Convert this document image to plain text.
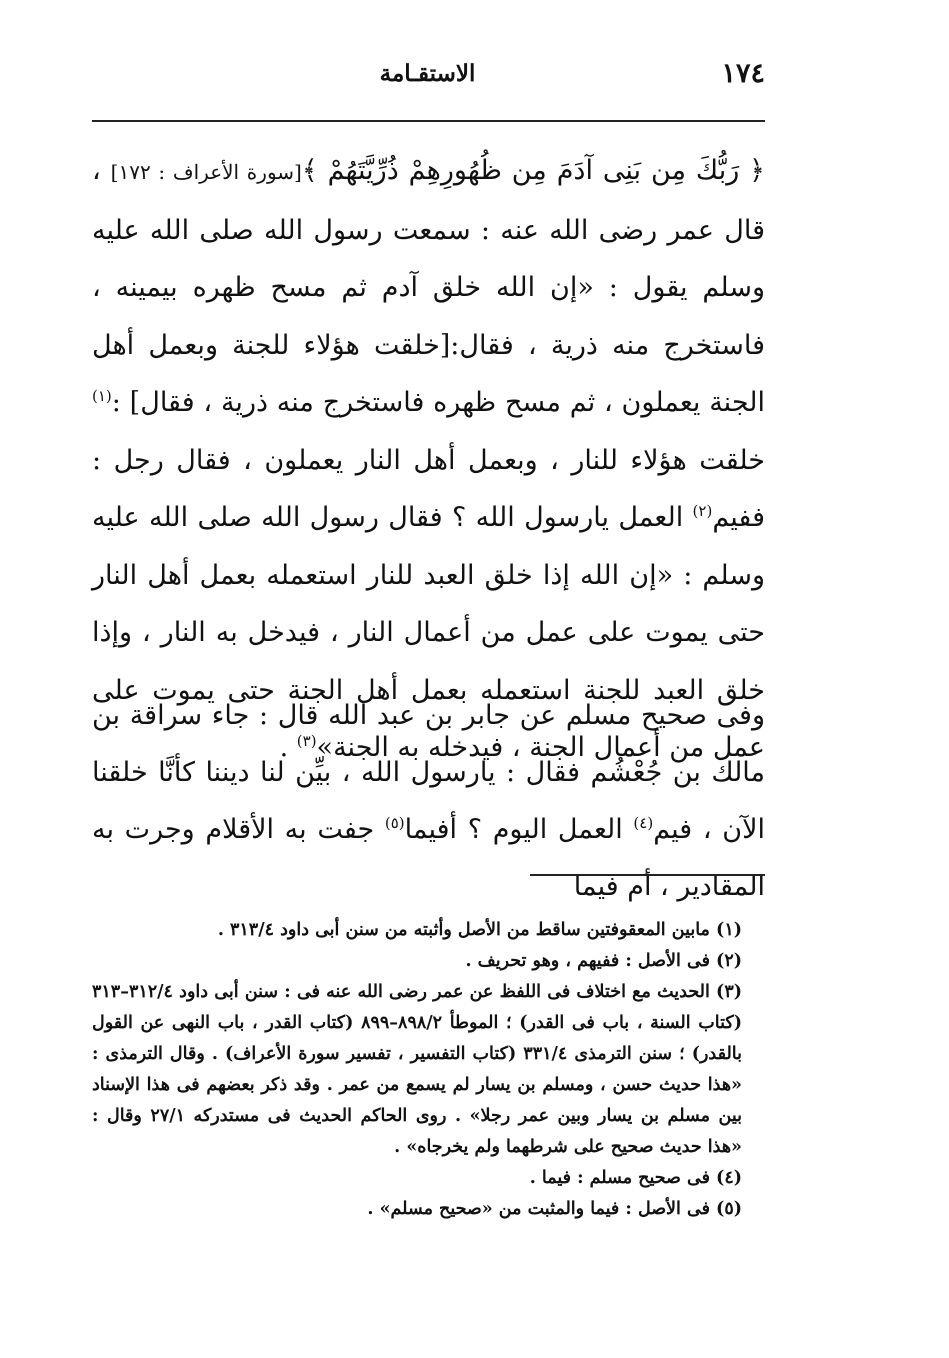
١٧٤
الاستقـامة

﴿ رَبُّكَ مِن بَنِى آدَمَ مِن ظُهُورِهِمْ ذُرِّيَّتَهُمْ ﴾[سورة الأعراف : ١٧٢] ، قال عمر رضى الله عنه : سمعت رسول الله صلى الله عليه وسلم يقول : «إن الله خلق آدم ثم مسح ظهره بيمينه ، فاستخرج منه ذرية ، فقال:[خلقت هؤلاء للجنة وبعمل أهل الجنة يعملون ، ثم مسح ظهره فاستخرج منه ذرية ، فقال] :$^{(١)}$ خلقت هؤلاء للنار ، وبعمل أهل النار يعملون ، فقال رجل : ففيم$^{(٢)}$ العمل يارسول الله ؟ فقال رسول الله صلى الله عليه وسلم : «إن الله إذا خلق العبد للنار استعمله بعمل أهل النار حتى يموت على عمل من أعمال النار ، فيدخل به النار ، وإذا خلق العبد للجنة استعمله بعمل أهل الجنة حتى يموت على عمل من أعمال الجنة ، فيدخله به الجنة»$^{(٣)}$ .

وفى صحيح مسلم عن جابر بن عبد الله قال : جاء سراقة بن مالك بن جُعْشُم فقال : يارسول الله ، بيِّن لنا ديننا كأنَّا خلقنا الآن ، فيم$^{(٤)}$ العمل اليوم ؟ أفيما$^{(٥)}$ جفت به الأقلام وجرت به المقادير ، أم فيما

(١) مابين المعقوفتين ساقط من الأصل وأثبته من سنن أبى داود ٣١٣/٤ .

(٢) فى الأصل : ففيهم ، وهو تحريف .

(٣) الحديث مع اختلاف فى اللفظ عن عمر رضى الله عنه فى : سنن أبى داود ٣١٢/٤–٣١٣ (كتاب السنة ، باب فى القدر) ؛ الموطأ ٨٩٨/٢–٨٩٩ (كتاب القدر ، باب النهى عن القول بالقدر) ؛ سنن الترمذى ٣٣١/٤ (كتاب التفسير ، تفسير سورة الأعراف) . وقال الترمذى : «هذا حديث حسن ، ومسلم بن يسار لم يسمع من عمر . وقد ذكر بعضهم فى هذا الإسناد بين مسلم بن يسار وبين عمر رجلا» . روى الحاكم الحديث فى مستدركه ٢٧/١ وقال : «هذا حديث صحيح على شرطهما ولم يخرجاه» .

(٤) فى صحيح مسلم : فيما .

(٥) فى الأصل : فيما والمثبت من «صحيح مسلم» .
